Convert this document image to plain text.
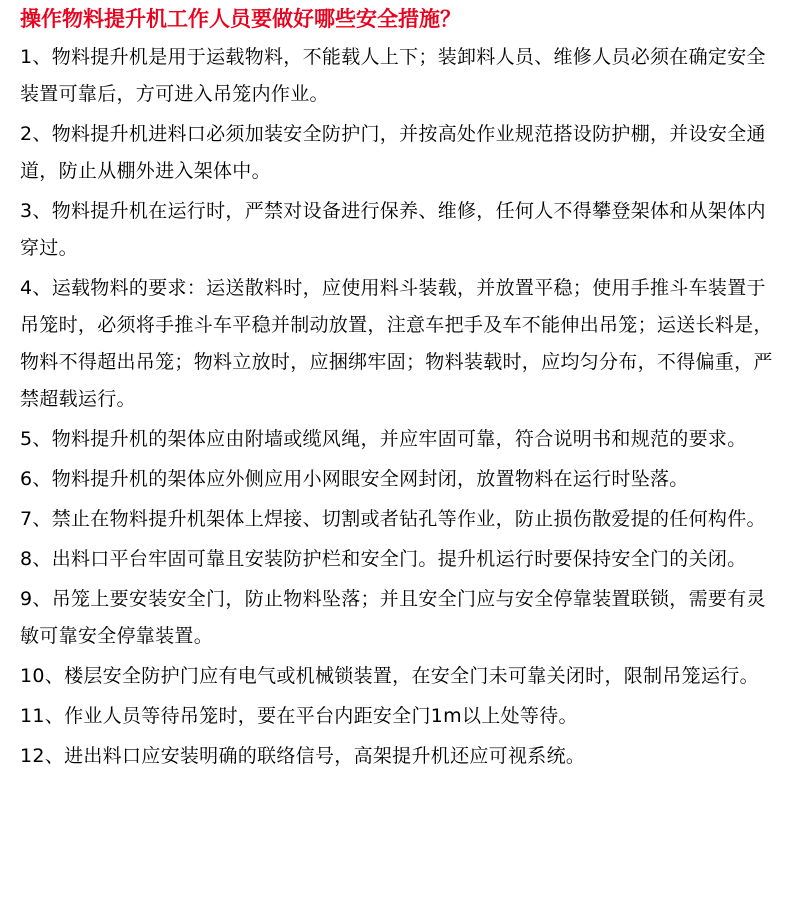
操作物料提升机工作人员要做好哪些安全措施？
1、物料提升机是用于运载物料，不能载人上下；装卸料人员、维修人员必须在确定安全装置可靠后，方可进入吊笼内作业。
2、物料提升机进料口必须加装安全防护门，并按高处作业规范搭设防护棚，并设安全通道，防止从棚外进入架体中。
3、物料提升机在运行时，严禁对设备进行保养、维修，任何人不得攀登架体和从架体内穿过。
4、运载物料的要求：运送散料时，应使用料斗装载，并放置平稳；使用手推斗车装置于吊笼时，必须将手推斗车平稳并制动放置，注意车把手及车不能伸出吊笼；运送长料是，物料不得超出吊笼；物料立放时，应捆绑牢固；物料装载时，应均匀分布，不得偏重，严禁超载运行。
5、物料提升机的架体应由附墙或缆风绳，并应牢固可靠，符合说明书和规范的要求。
6、物料提升机的架体应外侧应用小网眼安全网封闭，放置物料在运行时坠落。
7、禁止在物料提升机架体上焊接、切割或者钻孔等作业，防止损伤散爱提的任何构件。
8、出料口平台牢固可靠且安装防护栏和安全门。提升机运行时要保持安全门的关闭。
9、吊笼上要安装安全门，防止物料坠落；并且安全门应与安全停靠装置联锁，需要有灵敏可靠安全停靠装置。
10、楼层安全防护门应有电气或机械锁装置，在安全门未可靠关闭时，限制吊笼运行。
11、作业人员等待吊笼时，要在平台内距安全门1m以上处等待。
12、进出料口应安装明确的联络信号，高架提升机还应可视系统。
